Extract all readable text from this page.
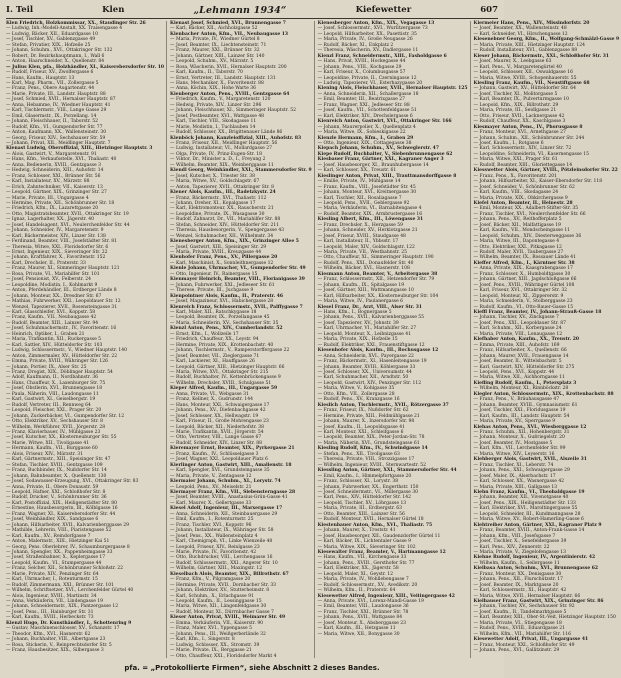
I. Teil	Klen	„Lehmann 1934“	Kiefewetter	607

Klen Friedrich, Holzkommissar, XX., Staudinger Str. 26

— Ludwig, Inh.-Modell-Anstalt, XX. Traisengasse 4

— Ludwig, Bäcker, XII., Eduardgasse 10

— Josef, Tischler, XV., Gablenzgasse 49

— Stefan, Privatier, XIX., Hofzeile 25

— Johann, Schuhm., XVI., Ottakringer Str. 132

— Robert, Dr. Bezirkshauptmann, I., Wall 6

— Anton, Haarschneider, X., Quellenstr. 84

— Julius Klen, pfa., Holzhändler, XI., Kaiserebersdorfer Str. 10

— Rudolf, Friseur, XV., Zwolfergasse 6

— Hans, Kaufm., Hauptstr. 13

— Karl, Mag. Pharm., VII., Zollergasse 5

— Franz, Pens., Obere Augartenstr. 44

— Marie, Private, III., Landstr. Hauptstr. 88

— Josef, Schmied, XVII., Hernalser Hauptstr. 87

— Anna, Hebamme, IV., Wiedner Hauptstr. 41

— Karl, Tischlermstr., VIII., Lange Gasse 29

— Emil, Glasermstr., IX., Porzellang. 14

— Johann, Fleischhauer, II., Taborstr. 52

— Rudolf, Kfm., VI., Gumpendorfer Str. 77

— Anton, Kaufmann, XX., Wallensteinstr. 30

— Georg, Friseur, XIV., Sechshauser Str. 59

— Johann, Privat, XII., Meidlinger Hauptstr. 7

Kienast Ludwig, Oberoffizial, XIII., Hietzinger Hauptstr. 3

— Alois, Gastwirt, V., Margaretenstr. 91

— Hans, Kfm., Verkaufsstelle, XVI., Thaliastr. 40

— Anna, Bedienerin, XVIII., Gentzgasse 3

— Hedwig, Schneiderin, XIII., Auhofstr. 14

— Franz, Schlosser, XXI., Brünner Str. 56

— Karl, Installateur, XV., Märzstr. 88

— Erich, Zahntechniker, VII., Kaiserstr. 13

— Leopold, Gärtner, XIX., Grinzinger Str. 27

— Marie, Private, III., Ungargasse 4

— Hermine, Private, XII., Schönbrunner Str. 18

— Friedrich, Kfm., IX., Lazarettgasse 20

— Otto, Magistratsbeamter, XVII., Ottakringer Str. 19

— Ignaz, Lagerhalter, XX., Jägerstr. 40

— Josef, Handelsagent, XVI., Neulerchenfelder Str. 44

— Johann, Schneider, IV., Margaretenstr. 9

— Karl, Bäckermeister, XIV., Linzer Str. 138

— Ferdinand, Beamter, VIII., Josefstädter Str. 81

— Theresia, Witwe, XXI., Floridsdorfer Str. 6

— Ernst, Ingenieur, XIX., Sieveringer Str. 22

— Johann, Kraftfahrer, X., Favoritenstr. 152

— Karl, Drechsler, II., Praterstr. 33

— Franz, Maurer, XI., Simmeringer Hauptstr. 121

— Rosa, Private, VI., Mariahilfer Str. 101

— Josef, Pensionist, XV., Felberstr. 24

— Leopoldine, Modistin, I., Kohlmarkt 9

— Anton, Pferdehändler, III., Erdberger Lände 8

— Johann, Monteur, XX., Dresdner Str. 67

— Mathias, Fuhrwerker, XXI., Leopoldauer Str. 12

— Wenzel, Tapezierer, XVII., Rosensteingasse 31

— Karl, Glasschleifer, XVI., Koppstr. 58

— Franz, Kaufm., VII., Neubaugasse 42

— Rudolf, Beamter, XIII., Lainzer Str. 94

— Josef, Schuhmachermstr., IV., Favoritenstr. 16

— Heinrich, Optiker, I., Graben 21

— Maria, Trafikantin, XII., Ruckergasse 5

— Karl, Sattler, XIV., Hütteldorfer Str. 103

— Ludwig, Schlossermstr., V., Wiedner Hauptstr. 140

— Anton, Zimmermaler, XV., Hütteldorfer Str. 22

— Emma, Private, XVIII., Währinger Str. 126

— Johann, Portier, IX., Alser Str. 25

— Franz, Drogist, XIX., Döblinger Hauptstr. 54

— Adolf, Kaufmann, II., Nordbahnstr. 36

— Hans, Chauffeur, X., Laxenburger Str. 75

— Josef, Obstlerin, XVI., Brunnengasse 18

— Paula, Näherin, VIII., Laudongasse 11

— Karl, Gastwirt, XI., Geiselbergstr. 19

— Rudolf, Vertreter, III., Rennweg 64

— Leopold, Fleischer, XXI., Prager Str. 20

— Johann, Zuckerbäcker, VI., Gumpendorfer Str. 12

— Otto, Elektriker, XV., Sechshauser Str. 8

— Wilhelm, Werkführer, XVII., Jörgerstr. 28

— Franz, Klavierbauer, IV., Mühlgasse 23

— Josef, Kutscher, XX., Klosterneuburger Str. 55

— Marie, Witwe, XII., Tivoligasse 41

— Hermann, Kaufm., VII., Burggasse 60

— Alois, Friseur, XIV., Märzstr. 31

— Karl, Gärtnermstr., XIII., Speisinger Str. 47

— Stefan, Tischler, XVIII., Gentzgasse 109

— Franz, Buchbinder, IX., Nußdorfer Str. 14

— Johann, Bahnbeamter, X., Quellenstr. 130

— Josef, Sodawasser-Erzeugung, XVI., Ottakringer Str. 83

— Anna, Private, II., Obere Donaustr. 59

— Leopold, Hafner, XXI., Schloßhofer Str. 8

— Rudolf, Drucker, V., Schönbrunner Str. 36

— Karl, Postoffizial, XIX., Heiligenstädter Str. 80

— Ernestine, Hausbesorgerin, III., Kölblgasse 16

— Franz, Wagner, XI., Kaiserebersdorfer Str. 44

— Josef, Weinhändler, XIX., Sandgasse 6

— Johann, Hilfsarbeiter, XVII., Kalvarienberggasse 29

— Mathilde, Lehrerin, VIII., Piaristengasse 52

— Karl, Kaufm., XV., Reindorfgasse 7

— Anton, Malermstr., XIII., Hietzinger Kai 51

— Georg, Pens. Oberlehrer, IV., Schaumburgergasse 8

— Johann, Spengler, XX., Pappenheimgasse 33

— Josef, Straßenbahner, X., Keplergasse 17

— Leopold, Kaufm., VI., Stumpergasse 44

— Franz, Selcher, XII., Schönbrunner Schloßstr. 22

— Marie, Private, XIV., Penzinger Str. 64

— Karl, Uhrmacher, I., Rotenturmstr. 15

— Rudolf, Zimmermann, XXI., Brünner Str. 101

— Wilhelm, Schriftsetzer, XVI., Lerchenfelder Gürtel 40

— Alois, Ingenieur, XVIII., Martinstr. 34

— Anna, Verkäuferin, VII., Lindengasse 19

— Johann, Schneidermstr., XIX., Pantzergasse 12

— Josef, Pens., III., Hainburger Str. 31

— Karl, Kaufm., XVIII., Herbeckstr. 73

Kienzl Hugo, Dr. Kunsthändler, I., Schottenring 9

— Gustav, Maschinenschlosser, XV., Schanzstr. 17

— Theodor, Kfm., XVI., Hasnerstr. 62

— Johann, Buchhalter, VIII., Albertgasse 23

— Rosa, Stickerin, V., Reinprechtsdorfer Str. 5

— Franz, Hausbesitzer, XIX., Silbergasse 3

Kienast Josef, Schmied, XVI., Brunnengasse 7

— Karl, Bäcker, XII., Aichholzgasse 52

Kienbacher Anton, Kfm., VII., Neubaugasse 13

— Maria, Private, IV., Wiedner Gürtel 8

— Josef, Beamter, IX., Liechtensteinstr. 71

— Franz, Maurer, XXI., Brünner Str. 32

— Johann, Gärtner, XIII., Lainzer Str. 140

— Leopold, Schuhm., XV., Märzstr. 5

— Rosa, Wäscherin, XVII., Hernalser Hauptstr. 200

— Karl, Kaufm., II., Taborstr. 70

— Ernst, Vertreter, III., Landstr. Hauptstr. 131

— Hans, Mechaniker, X., Favoritenstr. 88

— Anna, Köchin, XIX., Hohe Warte 36

Kienberger Anton, Pens., XVIII., Gentzgasse 64

— Friedrich, Kaufm., V., Margaretenstr. 120

— Hedwig, Private, XIV., Linzer Str. 296

— Johann, Fleischhauer, XI., Simmeringer Hauptstr. 52

— Josef, Postbeamter, XVI., Wattgasse 48

— Karl, Tischler, VIII., Skodagasse 11

— Marie, Modistin, I., Tuchlauben 14

— Rudolf, Schlosser, XX., Brigittenauer Lände 86

Kienböck Johann, Kanzleioffizial, XIII., Auhofstr. 83

— Franz, Friseur, XII., Meidlinger Hauptstr. 56

— Ludwig, Installateur, VI., Mollardgasse 27

— Olga, Private, IV., Prinz-Eugen-Str. 18

— Viktor, Dr., Minister a. D., I., Freyung 2

— Wilhelm, Beamter, XIX., Weinberggasse 11

Kiendl Georg, Weinhändler, XXI., Stammersdorfer Str. 9

— Josef, Kutscher, X., Triester Str. 38

— Maria, Witwe, XV., Goldschlagstr. 67

— Anton, Tapezierer, XVII., Ottakringer Str. 8

Kiener Alois, Kaufm., III., Radetzkystr. 24

— Franz, Bäckermstr., XVI., Thaliastr. 112

— Johann, Dreher, XI., Kopalgasse 17

— Karl, Elektromonteur, XX., Rauscherstr. 21

— Leopoldine, Private, IX., Wasagasse 30

— Rudolf, Zahnarzt, Dr., VII., Mariahilfer Str. 88

— Stefan, Schneider, XIV., Hütteldorfer Str. 211

— Theresia, Hausbesorgerin, V., Spengergasse 43

— Wenzel, Schuhmacher, XII., Wilhelmstr. 34

Kienesberger Anton, Kfm., XIX., Grinzinger Allee 5

— Josef, Gastwirt, XIII., Speisinger Str. 29

— Maria, Private, XVIII., Kreuzgasse 44

Kienhofer Franz, Pens., XV., Pillergasse 20

— Karl, Maschinist, X., Sonnleithnergasse 12

Kienle Johann, Uhrmacher, VI., Gumpendorfer Str. 49

— Otto, Ingenieur, IV., Rainergasse 15

Kienmayer Heinrich, Beamter, VIII., Florianigasse 39

— Johann, Fuhrwerker, XXI., Jedleseer Str. 61

— Therese, Private, III., Juchgasse 9

Kienpointner Alois, Kaufm., II., Praterstr. 46

— Josef, Magazineur, XVI., Habichergasse 28

Kienreich Franz, Schlossermstr., XVII., Palffygasse 7

— Karl, Maler, XII., Ratschkygasse 18

— Leopold, Beamter, IX., Porzellangasse 45

— Maria, Schneiderin, XV., Sechshauser Str. 35

Kienzl Anton, Pens., XIV., Cumberlandstr. 52

— Ernst, Kfm., I., Wollzeile 17

— Friedrich, Chauffeur, XX., Leystr. 94

— Hermine, Private, XIX., Krottenbachstr. 40

— Johann, Tischlermstr., V., Ramperstorffergasse 22

— Josef, Beamter, VII., Zieglergasse 71

— Karl, Lackierer, XI., Hauffgasse 26

— Leopold, Gärtner, XIII., Hietzinger Hauptstr. 66

— Maria, Witwe, XVI., Ottakringer Str. 215

— Rudolf, Buchhalter, IV., Kettenbrückengasse 9

— Wilhelm, Drechsler, XVIII., Schulgasse 51

Kieper Alfred, Kaufm., III., Ungargasse 59

— Anna, Private, VI., Webgasse 31

— Franz, Kellner, X., Gudrunstr. 144

— Hans, Monteur, XXI., Schwaigergasse 17

— Johann, Pens., XV., Diefenbachgasse 42

— Josef, Schlosser, XX., Hellwagstr. 19

— Karl, Friseur, II., Große Mohrengasse 23

— Leopold, Bäcker, XII., Niederhofstr. 38

— Marie, Trafikantin, XVII., Jörgerstr. 54

— Otto, Vertreter, VIII., Lange Gasse 67

— Rudolf, Schneider, XIV., Linzer Str. 88

Kieremayer Ernst, Beamter, XIX., Pyrkergasse 21

— Franz, Kaufm., IV., Schlüsselgasse 3

— Josef, Wagner, XXI., Leopoldauer Platz 6

Kierlinger Anton, Gastwirt, XIII., Amalienstr. 18

— Karl, Spengler, XVI., Grundsteingasse 35

— Maria, Private, V., Zentagasse 12

Kiermaier Johann, Schuhm., XI., Lorystr. 74

— Leopold, Pens., XV., Meiselstr. 21

Kiermayer Franz, Kfm., VII., Siebensterngasse 28

— Josef, Beamter, XVIII., Anastasius-Grün-Gasse 41

— Karl, Maurer, X., Gellertgasse 33

Kiesel Adolf, Ingenieur, III., Marxergasse 17

— Anna, Schneiderin, XII., Steinbauergasse 29

— Emil, Kaufm., I., Rotenturmstr. 25

— Franz, Tischler, XVI., Koppstr. 96

— Johann, Installateur, IX., Währinger Str. 58

— Josef, Pens., XX., Wallensteinplatz 4

— Karl, Chemigraph, VI., Linke Wienzeile 48

— Leopold, Friseur, XIV., Reinlgasse 23

— Marie, Private, IV., Favoritenstr. 42

— Otto, Buchdrucker, VIII., Lerchengasse 16

— Rudolf, Schlossermstr., XXI., Angerer Str. 10

— Wilhelm, Gärtner, XIII., Maxingstr. 12

Kieselbach Alois, Beamter, XIX., Billrothstr. 67

— Franz, Kfm., V., Pilgramgasse 20

— Hermine, Private, XVII., Dornbacher Str. 33

— Johann, Elektriker, XV., Stutterheimstr. 8

— Karl, Schuhm., X., Erlachgasse 91

— Leopold, Kaufm., II., Lessinggasse 15

— Maria, Witwe, XII., Längenfeldgasse 30

— Rudolf, Monteur, XI., Dürrnbacher Gasse 7

Kieser Anton, Privat, XVIII., Weimarer Str. 49

— Emma, Verkäuferin, VII., Kaiserstr. 90

— Franz, Maler, XVI., Yppengasse 5

— Johann, Pens., III., Weißgerberlände 32

— Karl, Kfm., I., Singerstr. 8

— Ludwig, Schlosser, XX., Stromstr. 39

— Marie, Private, IX., Berggasse 21

— Otto, Chauffeur, XXI., Floridsdorfer Markt 4

Kienesberger Anton, Kfm., XIX., Vegagasse 13

— Josef, Schlossermstr., XVI., Wurlitzergasse 73

— Leopold, Hilfsarbeiter, XX., Pasettistr. 35

— Maria, Private, IV., Große Neugasse 26

— Rudolf, Bäcker, XI., Enkplatz 2

— Theresia, Wäscherin, XV., Dadlergasse 11

Kienzl Franz, Schneidermstr., XIII., Fasholdgasse 6

— Hans, Privat, XVIII., Hockegasse 44

— Johann, Pens., VIII., Kochgasse 29

— Karl, Friseur, X., Columbusgasse 57

— Leopoldine, Private, II., Czerningasse 12

— Ludwig, Tapezierer, VI., Esterhazygasse 20

Kiening Alois, Fleischhauer, XVII., Hernalser Hauptstr. 125

— Anna, Schneiderin, XII., Schallergasse 18

— Emil, Beamter, III., Beatrixgasse 27

— Franz, Wagner, XXI., Jedleseer Str. 88

— Josef, Kaufm., VII., Schottenfeldgasse 51

— Karl, Elektriker, XIV., Drechslergasse 6

Kienreich Anton, Gastwirt, XVI., Ottakringer Str. 166

— Johann, Maurerpolier, X., Quellenplatz 4

— Maria, Witwe, IX., Sobieskigasse 22

Kienzle Hermann, Kfm., I., Graben 29

— Otto, Ingenieur, XIX., Cottagegasse 38

Kiepach Johann, Schuhm., XV., Schweglerstr. 47

Kiepe Rudolf, Buchhalter, V., Siebenbrunnengasse 62

Kiesbauer Franz, Gärtner, XXI., Kagraner Anger 3

— Josef, Hausbesorger, XI., Braunhubergasse 14

— Karl, Schlosser, XX., Treustr. 61

Kieslinger Anton, Privat, XIII., Trauttmansdorffgasse 8

— Emilie, Private, IV., Mühlgasse 14

— Franz, Kaufm., VIII., Josefstädter Str. 45

— Johann, Monteur, XVI., Kreitnergasse 30

— Karl, Tischler, XII., Rosaliagasse 7

— Leopold, Pens., XVII., Geblergasse 92

— Maria, Verkäuferin, VI., Barnabitengasse 4

— Rudolf, Beamter, XIX., Armbrustergasse 16

Kiesling Albert, Kfm., III., Löwengasse 31

— Franz, Drechsler, X., Herzgasse 59

— Johann, Schneider, XV., Herklotzgasse 21

— Josef, Friseur, XVIII., Staudgasse 48

— Karl, Installateur, II., Ybbsstr. 17

— Leopold, Maler, XIV., Goldschlagstr. 122

— Maria, Private, VII., Westbahnstr. 25

— Otto, Chauffeur, XI., Simmeringer Hauptstr. 190

— Rudolf, Pens., XXI., Donaufelder Str. 40

— Wilhelm, Bäcker, XVI., Hasnerstr. 108

Kiesmann Anton, Beamter, V., Arbeitergasse 38

— Franz, Schlossermstr., XII., Hetzendorfer Str. 79

— Johann, Kaufm., IX., Spitalgasse 19

— Josef, Gärtner, XIII., Wattmanngasse 10

— Karl, Hilfsarbeiter, XX., Klosterneuburger Str. 104

— Maria, Witwe, IV., Paulanergasse 6

Kiesel Franz, Dr., Arzt, VIII., Alser Str. 31

— Hans, Kfm., I., Bognergasse 5

— Johann, Pens., XVII., Kalvarienberggasse 55

— Josef, Tapezierer, XV., Johnstr. 39

— Karl, Uhrmacher, VI., Mariahilfer Str. 27

— Leopold, Monteur, X., Leibnizgasse 41

— Maria, Private, XIX., Hofzeile 15

— Rudolf, Elektriker, XXI., Frauenstiftgasse 12

Kiesenhofer Alois, Kaufm., III., Rochusgasse 12

— Anna, Schneiderin, XVI., Payergasse 22

— Franz, Bäckermstr., XI., Hasenleitengasse 19

— Johann, Beamter, XVIII., Köhlergasse 33

— Josef, Schlosser, XX., Universumstr. 44

— Karl, Schuhmacher, XII., Arndtstr. 50

— Leopold, Gastwirt, XIV., Penzinger Str. 112

— Maria, Witwe, V., Kohlgasse 35

— Otto, Kfm., VII., Zollergasse 28

— Rudolf, Pens., XV., Kranzgasse 16

Kieslich Anton, Tischlermstr., XVII., Rötzergasse 37

— Franz, Friseur, IX., Nußdorfer Str. 62

— Hermine, Private, XIII., Feldmühlgasse 21

— Johann, Maurer, X., Inzersdorfer Str. 98

— Josef, Kaufm., II., Leopoldsgasse 41

— Karl, Monteur, XXI., Schleifgasse 6

— Leopold, Beamter, XIX., Peter-Jordan-Str. 78

— Maria, Näherin, XVI., Grundsteingasse 61

Kiesling Rudolf, Kfm., IV., Schwindgasse 14

— Stefan, Pens., XII., Tivoligasse 63

— Theresia, Private, VIII., Strozzigasse 17

— Wilhelm, Ingenieur, XVIII., Sternwartestr. 52

Kiessling Anton, Gärtner, XXI., Stammersdorfer Str. 44

— Emil, Kaufm., I., Himmelpfortgasse 20

— Franz, Schlosser, XI., Lorystr. 38

— Johann, Fuhrwerker, XX., Engerthstr. 150

— Josef, Schneidermstr., VI., Millergasse 30

— Karl, Pens., XIV., Hütteldorfer Str. 142

— Leopold, Tischler, XV., Löhrgasse 13

— Maria, Private, III., Erdbergstr. 63

— Otto, Beamter, XIII., Lainzer Str. 56

— Rudolf, Monteur, XVII., Hernalser Gürtel 18

Kiestenbauer Anton, Kfm., XVI., Thaliastr. 75

— Johann, Maurer, X., Troststr. 41

— Josef, Hausbesorger, XII., Gaudenzdorfer Gürtel 11

— Karl, Bäcker, IX., Lichtentaler Gasse 9

— Maria, Witwe, XIX., Sieveringer Str. 102

Kiesewalter Franz, Beamter, V., Hartmanngasse 12

— Hans, Kaufm., VII., Kirchengasse 33

— Johann, Pens., XVIII., Gersthofer Str. 77

— Karl, Elektriker, XX., Jägerstr. 58

— Leopold, Maler, XI., Geystr. 12

— Maria, Private, IV., Wohllebengasse 7

— Rudolf, Schlossermstr., XV., Avedikstr. 20

— Wilhelm, Kfm., II., Praterstr. 64

Kiesewetter Alfred, Ingenieur, XIII., Veitingergasse 42

— Anna, Private, XVI., Lorenz-Mandl-Gasse 19

— Emil, Beamter, VIII., Laudongasse 36

— Franz, Tischler, XXI., Brünner Str. 78

— Johann, Pens., XVII., Wattgasse 84

— Josef, Monteur, X., Absberggasse 23

— Karl, Kaufm., III., Hetzgasse 11

— Maria, Witwe, XII., Bonygasse 30

Kiermeier Hans, Pens., XIV., Missindorfstr. 20

— Josef, Beamter, XX., Wallensteinstr. 48

— Karl, Schneider, VI., Hirschengasse 12

Kiesenebner Georg, Kfm., II., Wolfgang-Schmälzl-Gasse 9

— Maria, Private, XIII., Hietzinger Hauptstr. 124

— Rudolf, Installateur, XVI., Gablenzgasse 88

Kieser Johann, Bäckermstr., XXI., Schloßhofer Str. 31

— Josef, Maurer, X., Leebgasse 63

— Karl, Pens., V., Margaretengürtel 40

— Leopold, Schlosser, XII., Oswaldgasse 16

— Maria, Witwe, XVIII., Schopenhauerstr. 55

Kiesling Franz, Kaufm., VII., Neustiftgasse 68

— Johann, Gastwirt, XV., Hütteldorfer Str. 64

— Josef, Tischler, XI., Molitorgasse 5

— Karl, Beamter, IX., Pulverturmgasse 10

— Leopold, Kfm., XIX., Billrothstr. 29

— Maria, Private, III., Seidlgasse 21

— Otto, Friseur, XVII., Lacknergasse 42

— Rudolf, Chauffeur, XX., Kaschlgasse 3

Kiesmayer Anton, Pens., IV., Phorusgasse 8

— Franz, Monteur, XVI., Arnethgasse 27

— Johann, Schuhm., XII., Schönbrunner Str. 244

— Josef, Kaufm., I., Rotgasse 6

— Karl, Schlossermstr., XIV., Linzer Str. 72

— Leopoldine, Schneiderin, VI., Kasernengasse 15

— Maria, Witwe, XXI., Prager Str. 61

— Rudolf, Beamter, XIII., Gloriettegasse 14

Kiesswetter Alois, Gärtner, XVIII., Pötzleinsdorfer Str. 22

— Franz, Pens., X., Favoritenstr. 201

— Johann, Hilfsarbeiter, XI., Kaiser-Ebersdorfer Str. 118

— Josef, Schneider, V., Schönbrunner Str. 62

— Karl, Kaufm., VIII., Skodagasse 24

— Maria, Private, XIX., Obkirchergasse 9

Kiefel Anton, Beamter, II., Heinestr. 28

— Emil, Monteur, XX., Adalbert-Stifter-Str. 35

— Franz, Tischler, XVI., Neulerchenfelder Str. 66

— Johann, Pens., XV., Reithofferplatz 5

— Josef, Bäcker, XII., Malfattigasse 19

— Karl, Kaufm., VII., Mondscheingasse 11

— Leopold, Schuhm., XIV., Diesterweggasse 36

— Maria, Witwe, III., Dapontegasse 4

— Otto, Elektriker, XXI., Pitkagasse 12

— Rudolf, Maler, XVII., Taubergasse 27

— Wilhelm, Beamter, IX., Rossauer Lände 41

Kieffer Alfred, Kfm., I., Kärntner Str. 38

— Anna, Private, XIX., Kaasgrabengasse 17

— Franz, Schlosser, X., Humboldtgasse 30

— Johann, Gärtner, XIII., Jagdschloßgasse 66

— Josef, Pens., XVIII., Währinger Gürtel 108

— Karl, Friseur, XVI., Ottakringer Str. 32

— Leopold, Monteur, XI., Zippererstr. 9

— Maria, Schneiderin, V., Stolberggasse 23

— Rudolf, Kaufm., VI., Otto-Bauer-Gasse 15

Kieffl Franz, Beamter, IV., Johann-Strauß-Gasse 18

— Johann, Tischler, XV., Zinckgasse 7

— Josef, Pens., XXI., Leopoldauer Str. 87

— Karl, Schuhm., XII., Korbergasse 24

— Maria, Private, VIII., Lenaugasse 12

Kiefhaber Anton, Kaufm., XX., Treustr. 20

— Emma, Private, XIII., Auhofstr. 169

— Franz, Hilfsarbeiter, X., Quellenstr. 66

— Johann, Maurer, XVII., Frauengasse 14

— Josef, Beamter, II., Wittelsbachstr. 5

— Karl, Gastwirt, XIV., Hütteldorfer Str. 275

— Leopold, Pens., XVI., Koppstr. 44

— Maria, Witwe, XII., Aichhorngasse 11

Kiefling Rudolf, Kaufm., I., Petersplatz 3

— Wilhelm, Monteur, XI., Rinnböckstr. 28

Kiegler Anton, Schlossermstr., XIX., Krottenbachstr. 88

— Franz, Pens., V., Bräuhausgasse 47

— Johann, Beamter, XVIII., Gymnasiumstr. 61

— Josef, Tischler, XXI., Floridusgasse 19

— Karl, Kaufm., III., Landstr. Hauptstr. 54

— Maria, Private, XV., Sperrgasse 9

Kiehas Anton, Pens., XVI., Wiesberggasse 12

— Franz, Schuhm., XII., Hohenbergstr. 31

— Johann, Monteur, X., Gußriegelstr. 20

— Josef, Beamter, IV., Mostgasse 5

— Karl, Kfm., VII., Lerchenfelder Str. 99

— Maria, Witwe, XIV., Leyserstr. 16

Kiehberger Alois, Gastwirt, XVII., Alszeile 31

— Franz, Tischler, XI., Leberstr. 74

— Johann, Pens., XXI., Schwaigergasse 29

— Josef, Maler, IX., Alserbachstr. 17

— Karl, Schlosser, XX., Wasnergasse 42

— Maria, Private, XIII., Gallgasse 13

Kiehn Franz, Kaufm., VI., Theobaldgasse 19

— Johann, Beamter, XII., Vivenotgasse 40

— Josef, Pens., XIX., Heiligenstädter Str. 133

— Karl, Elektriker, XVI., Maroltingergasse 55

— Leopold, Schneider, III., Kundmanngasse 28

— Maria, Witwe, XV., Robert-Hamerling-Gasse 6

Kiehtreiber Anton, Gärtner, XXI., Kagraner Platz 9

— Franz, Beamter, XVIII., Anton-Frank-Gasse 14

— Johann, Kfm., VIII., Josefsgasse 7

— Josef, Tischler, X., Senefeldergasse 39

— Karl, Pens., XIV., Zennerstr. 22

— Maria, Private, V., Ziegelofengasse 13

Kiehne Rudolf, Ingenieur, IV., Argentinierstr. 42

— Wilhelm, Kaufm., I., Seilergasse 11

Kielbasa Anton, Schuhm., XVI., Brunnengasse 62

— Franz, Monteur, XX., Denisgasse 30

— Johann, Pens., XII., Flurschützstr. 17

— Josef, Beamter, IX., Marktgasse 20

— Karl, Schlossermstr., XI., Hauptstr. 42

— Maria, Witwe, XVII., Hernalser Hauptstr. 66

Kielhauser Franz, Gastwirt, XIX., Grinzinger Str. 86

— Johann, Tischler, XV., Sechshauser Str. 92

— Josef, Kaufm., II., Tandelmarktgasse 5

— Karl, Beamter, XIII., Ober-St.-Veit, Hietzinger Hauptstr. 150

— Maria, Private, VI., Stiegengasse 18

— Rudolf, Pens., XVIII., Eduardgasse 21

— Wilhelm, Kfm., VII., Mariahilfer Str. 116

Kiesewetter Adolf, Privat, III., Ungargasse 41

— Franz, Monteur, XXI., Schloßhofer Str. 49

— Johann, Pens., XVI., Gallitzinstr. 29

pfa. = „Protokollierte Firmen“, siehe Abschnitt 2 dieses Bandes.
